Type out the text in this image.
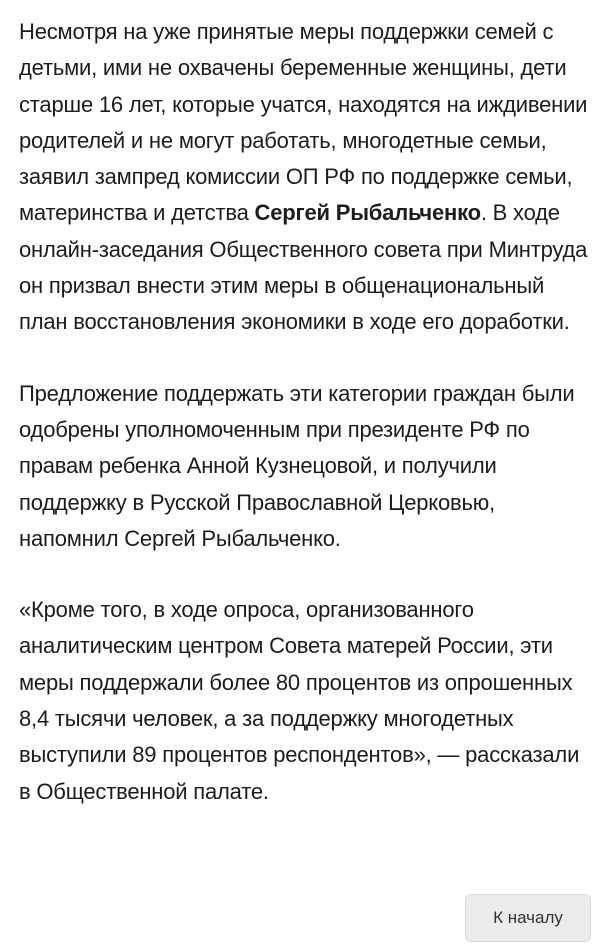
Несмотря на уже принятые меры поддержки семей с детьми, ими не охвачены беременные женщины, дети старше 16 лет, которые учатся, находятся на иждивении родителей и не могут работать, многодетные семьи, заявил зампред комиссии ОП РФ по поддержке семьи, материнства и детства Сергей Рыбальченко. В ходе онлайн-заседания Общественного совета при Минтруда он призвал внести этим меры в общенациональный план восстановления экономики в ходе его доработки.

Предложение поддержать эти категории граждан были одобрены уполномоченным при президенте РФ по правам ребенка Анной Кузнецовой, и получили поддержку в Русской Православной Церковью, напомнил Сергей Рыбальченко.

«Кроме того, в ходе опроса, организованного аналитическим центром Совета матерей России, эти меры поддержали более 80 процентов из опрошенных 8,4 тысячи человек, а за поддержку многодетных выступили 89 процентов респондентов», — рассказали в Общественной палате.

К началу
